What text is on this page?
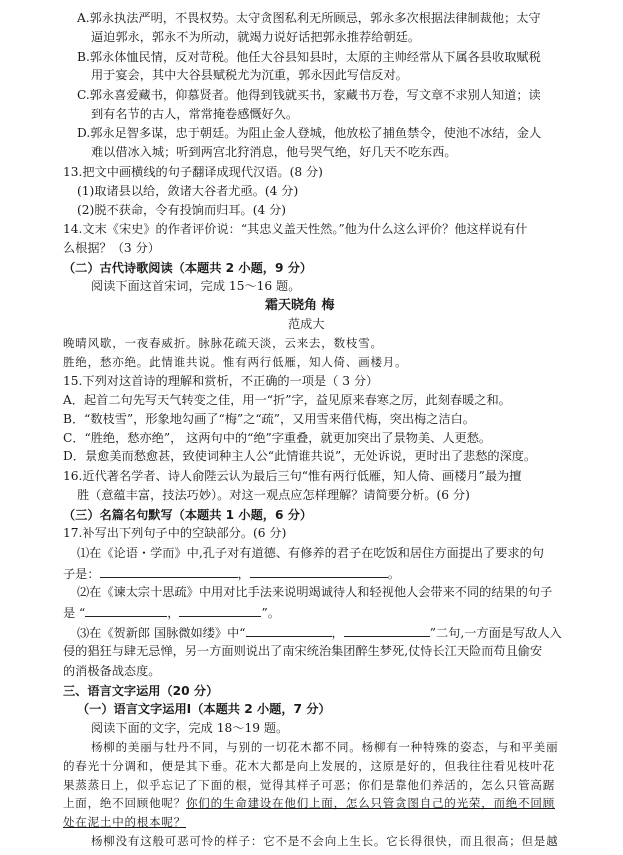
A.郭永执法严明，不畏权势。太守贪图私利无所顾忌，郭永多次根据法律制裁他；太守
逼迫郭永，郭永不为所动，就竭力说好话把郭永推荐给朝廷。
B.郭永体恤民情，反对苛税。他任大谷县知县时，太原的主帅经常从下属各县收取赋税
用于宴会，其中大谷县赋税尤为沉重，郭永因此写信反对。
C.郭永喜爱藏书，仰慕贤者。他得到钱就买书，家藏书万卷，写文章不求别人知道；读
到有名节的古人，常常掩卷感慨好久。
D.郭永足智多谋，忠于朝廷。为阻止金人登城，他放松了捕鱼禁令，使池不冰结，金人
难以借冰入城；听到两宫北狩消息，他号哭气绝，好几天不吃东西。
13.把文中画横线的句子翻译成现代汉语。(8 分)
(1)取诸县以给，敛诸大谷者尤亟。(4 分)
(2)脱不获命，令有投饷而归耳。(4 分)
14.文末《宋史》的作者评价说：“其忠义盖天性然。”他为什么这么评价？他这样说有什
么根据？（3 分）
（二）古代诗歌阅读（本题共 2 小题，9 分）
阅读下面这首宋词，完成 15～16 题。
霜天晓角 梅
范成大
晚晴风歇，一夜春威折。脉脉花疏天淡，云来去，数枝雪。
胜绝，愁亦绝。此情谁共说。惟有两行低雁，知人倚、画楼月。
15.下列对这首诗的理解和赏析，不正确的一项是（ 3 分）
A．起首二句先写天气转变之佳，用一“折”字，益见原来春寒之厉，此刻春暖之和。
B．“数枝雪”，形象地勾画了“梅”之“疏”，又用雪来借代梅，突出梅之洁白。
C．“胜绝，愁亦绝”， 这两句中的“绝”字重叠，就更加突出了景物美、人更愁。
D．景愈美而愁愈甚，致使词种主人公“此情谁共说”，无处诉说，更时出了悲愁的深度。
16.近代著名学者、诗人俞陛云认为最后三句“惟有两行低雁，知人倚、画楼月”最为擅
胜（意蕴丰富，技法巧妙）。对这一观点应怎样理解？请简要分析。(6 分)
（三）名篇名句默写（本题共 1 小题，6 分）
17.补写出下列句子中的空缺部分。(6 分)
⑴在《论语・学而》中,孔子对有道德、有修养的君子在吃饭和居住方面提出了要求的句
子是：	，	。
⑵在《谏太宗十思疏》中用对比手法来说明竭诚待人和轻视他人会带来不同的结果的句子
是 “	，	”。
⑶在《贺新郎 国脉微如缕》中“	，	”二句,一方面是写敌人入
侵的猖狂与肆无忌惮，另一方面则说出了南宋统治集团醉生梦死,仗恃长江天险而苟且偷安
的消极备战态度。
三、语言文字运用（20 分）
（一）语言文字运用Ⅰ（本题共 2 小题，7 分）
阅读下面的文字，完成 18～19 题。
杨柳的美丽与牡丹不同，与别的一切花木都不同。杨柳有一种特殊的姿态，与和平美丽
的春光十分调和，便是其下垂。花木大都是向上发展的，这原是好的，但我往往看见枝叶花
果蒸蒸日上，似乎忘记了下面的根，觉得其样子可恶；你们是靠他们养活的，怎么只管高踞
上面，绝不回顾他呢？你们的生命建设在他们上面，怎么只管贪图自己的光荣，而绝不回顾
处在泥土中的根本呢？
杨柳没有这般可恶可怜的样子：它不是不会向上生长。它长得很快，而且很高；但是越
